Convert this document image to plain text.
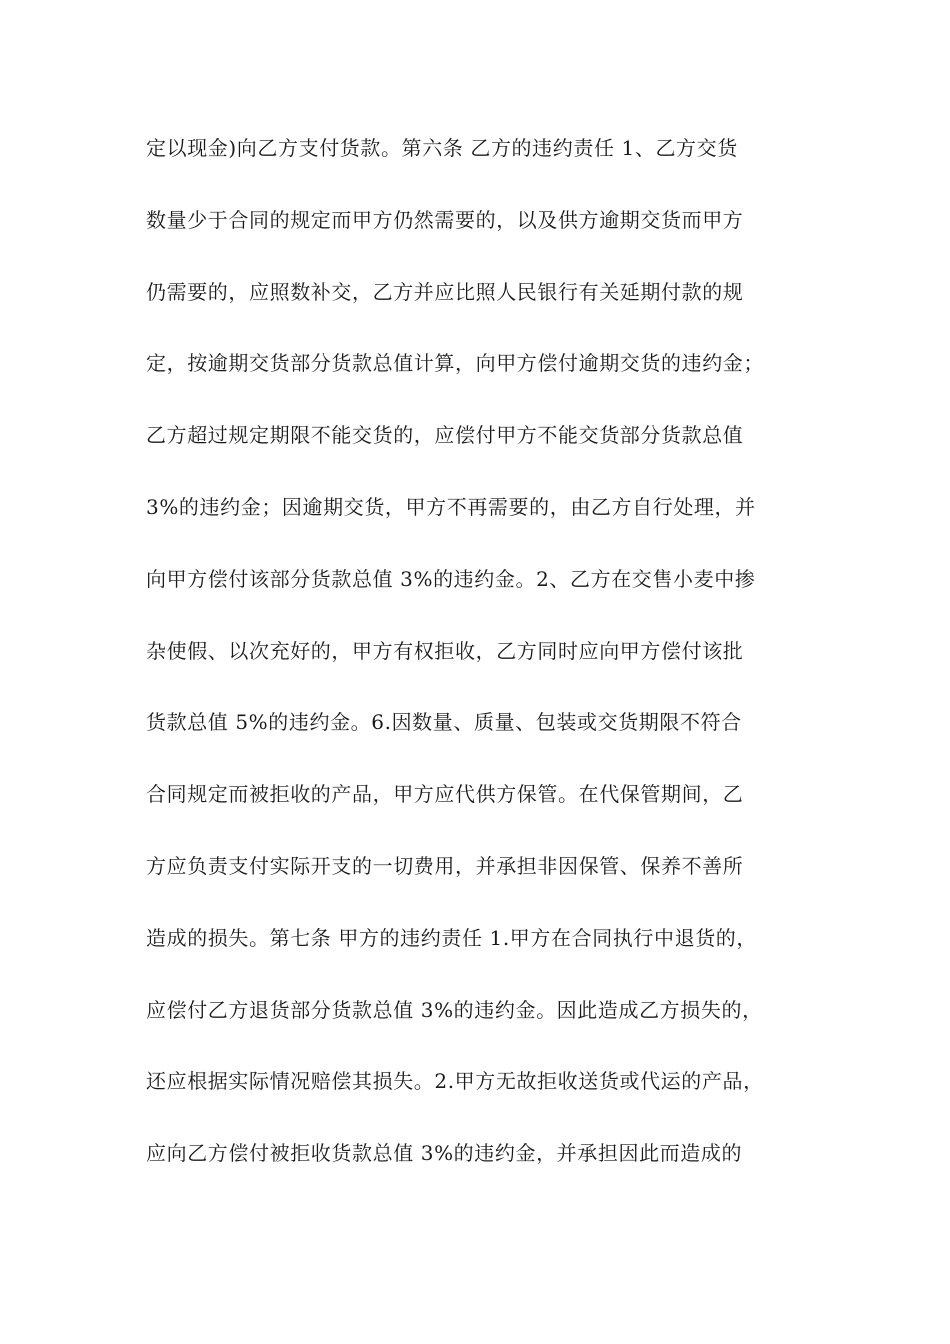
定以现金)向乙方支付货款。第六条 乙方的违约责任 1、乙方交货
数量少于合同的规定而甲方仍然需要的，以及供方逾期交货而甲方
仍需要的，应照数补交，乙方并应比照人民银行有关延期付款的规
定，按逾期交货部分货款总值计算，向甲方偿付逾期交货的违约金；
乙方超过规定期限不能交货的，应偿付甲方不能交货部分货款总值
3%的违约金；因逾期交货，甲方不再需要的，由乙方自行处理，并
向甲方偿付该部分货款总值 3%的违约金。2、乙方在交售小麦中掺
杂使假、以次充好的，甲方有权拒收，乙方同时应向甲方偿付该批
货款总值 5%的违约金。6.因数量、质量、包装或交货期限不符合
合同规定而被拒收的产品，甲方应代供方保管。在代保管期间，乙
方应负责支付实际开支的一切费用，并承担非因保管、保养不善所
造成的损失。第七条 甲方的违约责任 1.甲方在合同执行中退货的，
应偿付乙方退货部分货款总值 3%的违约金。因此造成乙方损失的，
还应根据实际情况赔偿其损失。2.甲方无故拒收送货或代运的产品，
应向乙方偿付被拒收货款总值 3%的违约金，并承担因此而造成的
